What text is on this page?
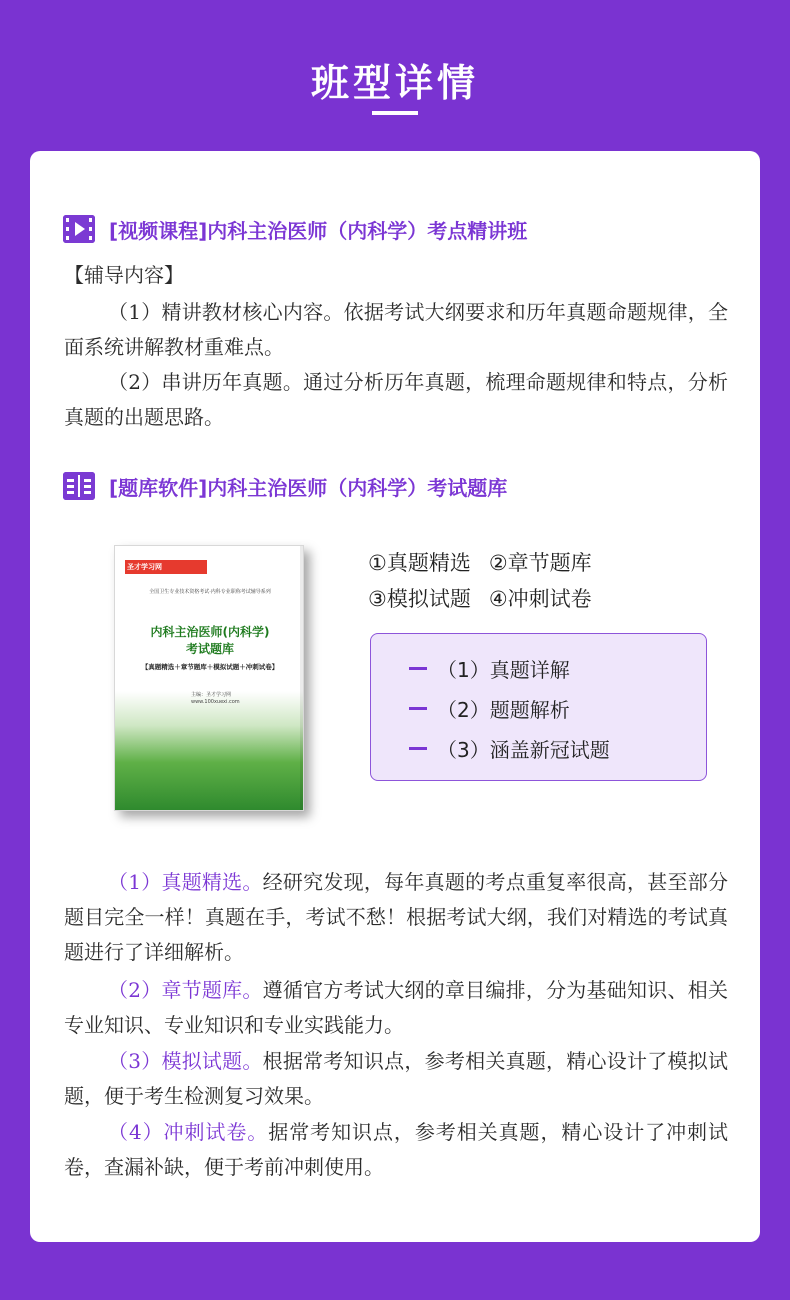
班型详情
[视频课程]内科主治医师（内科学）考点精讲班
【辅导内容】
（1）精讲教材核心内容。依据考试大纲要求和历年真题命题规律，全面系统讲解教材重难点。
（2）串讲历年真题。通过分析历年真题，梳理命题规律和特点，分析真题的出题思路。
[题库软件]内科主治医师（内科学）考试题库
圣才学习网
全国卫生专业技术资格考试·内科专业职称考试辅导系列
内科主治医师(内科学)
考试题库
【真题精选＋章节题库＋模拟试题＋冲刺试卷】
主编：圣才学习网
www.100xuexi.com
①真题精选 ②章节题库
③模拟试题 ④冲刺试卷
（1）真题详解
（2）题题解析
（3）涵盖新冠试题
（1）真题精选。经研究发现，每年真题的考点重复率很高，甚至部分题目完全一样！真题在手，考试不愁！根据考试大纲，我们对精选的考试真题进行了详细解析。
（2）章节题库。遵循官方考试大纲的章目编排，分为基础知识、相关专业知识、专业知识和专业实践能力。
（3）模拟试题。根据常考知识点，参考相关真题，精心设计了模拟试题，便于考生检测复习效果。
（4）冲刺试卷。据常考知识点，参考相关真题，精心设计了冲刺试卷，查漏补缺，便于考前冲刺使用。
